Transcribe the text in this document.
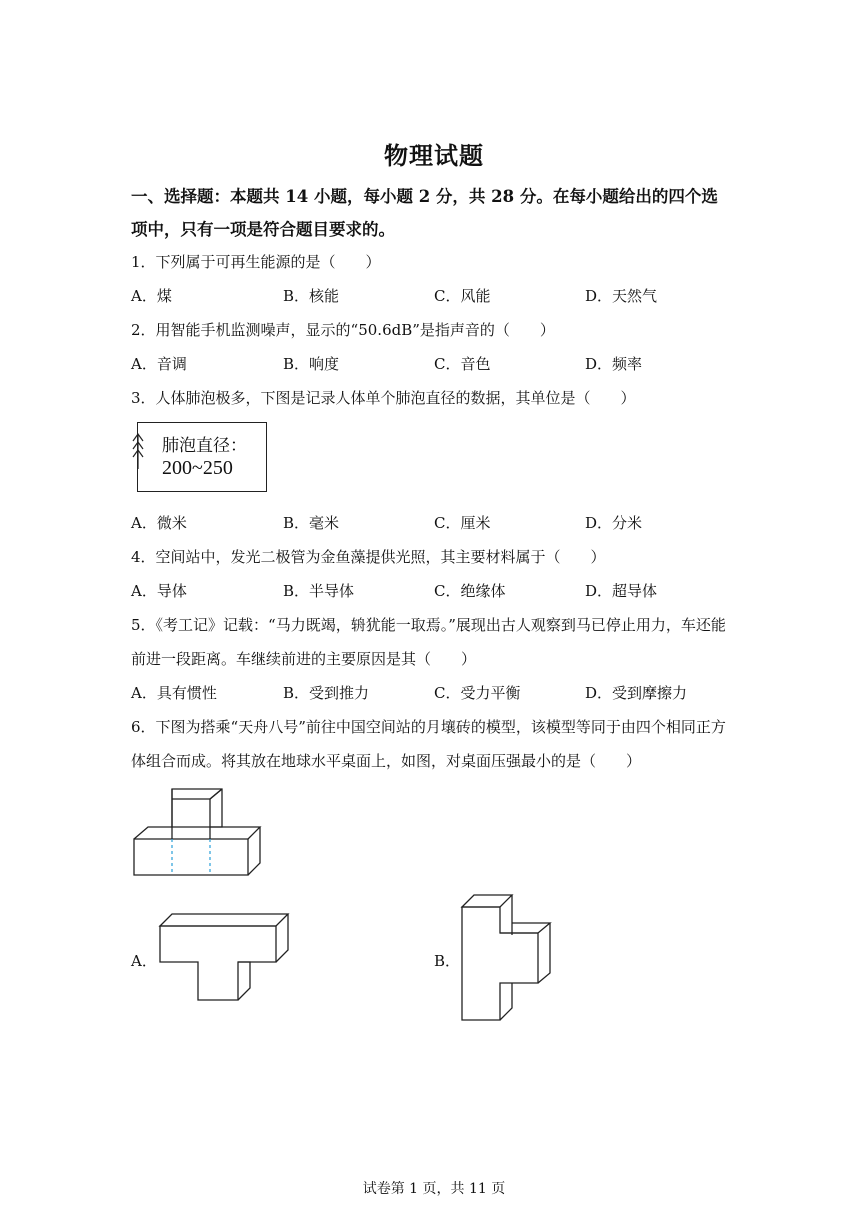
物理试题
一、选择题：本题共 14 小题，每小题 2 分，共 28 分。在每小题给出的四个选
项中，只有一项是符合题目要求的。
1．下列属于可再生能源的是（　　）
A．煤	B．核能	C．风能	D．天然气
2．用智能手机监测噪声，显示的“50.6dB”是指声音的（　　）
A．音调	B．响度	C．音色	D．频率
3．人体肺泡极多，下图是记录人体单个肺泡直径的数据，其单位是（　　）
肺泡直径：
200~250
A．微米	B．毫米	C．厘米	D．分米
4．空间站中，发光二极管为金鱼藻提供光照，其主要材料属于（　　）
A．导体	B．半导体	C．绝缘体	D．超导体
5．《考工记》记载：“马力既竭，辀犹能一取焉。”展现出古人观察到马已停止用力，车还能
前进一段距离。车继续前进的主要原因是其（　　）
A．具有惯性	B．受到推力	C．受力平衡	D．受到摩擦力
6．下图为搭乘“天舟八号”前往中国空间站的月壤砖的模型，该模型等同于由四个相同正方
体组合而成。将其放在地球水平桌面上，如图，对桌面压强最小的是（　　）
A．	B．
试卷第 1 页，共 11 页
